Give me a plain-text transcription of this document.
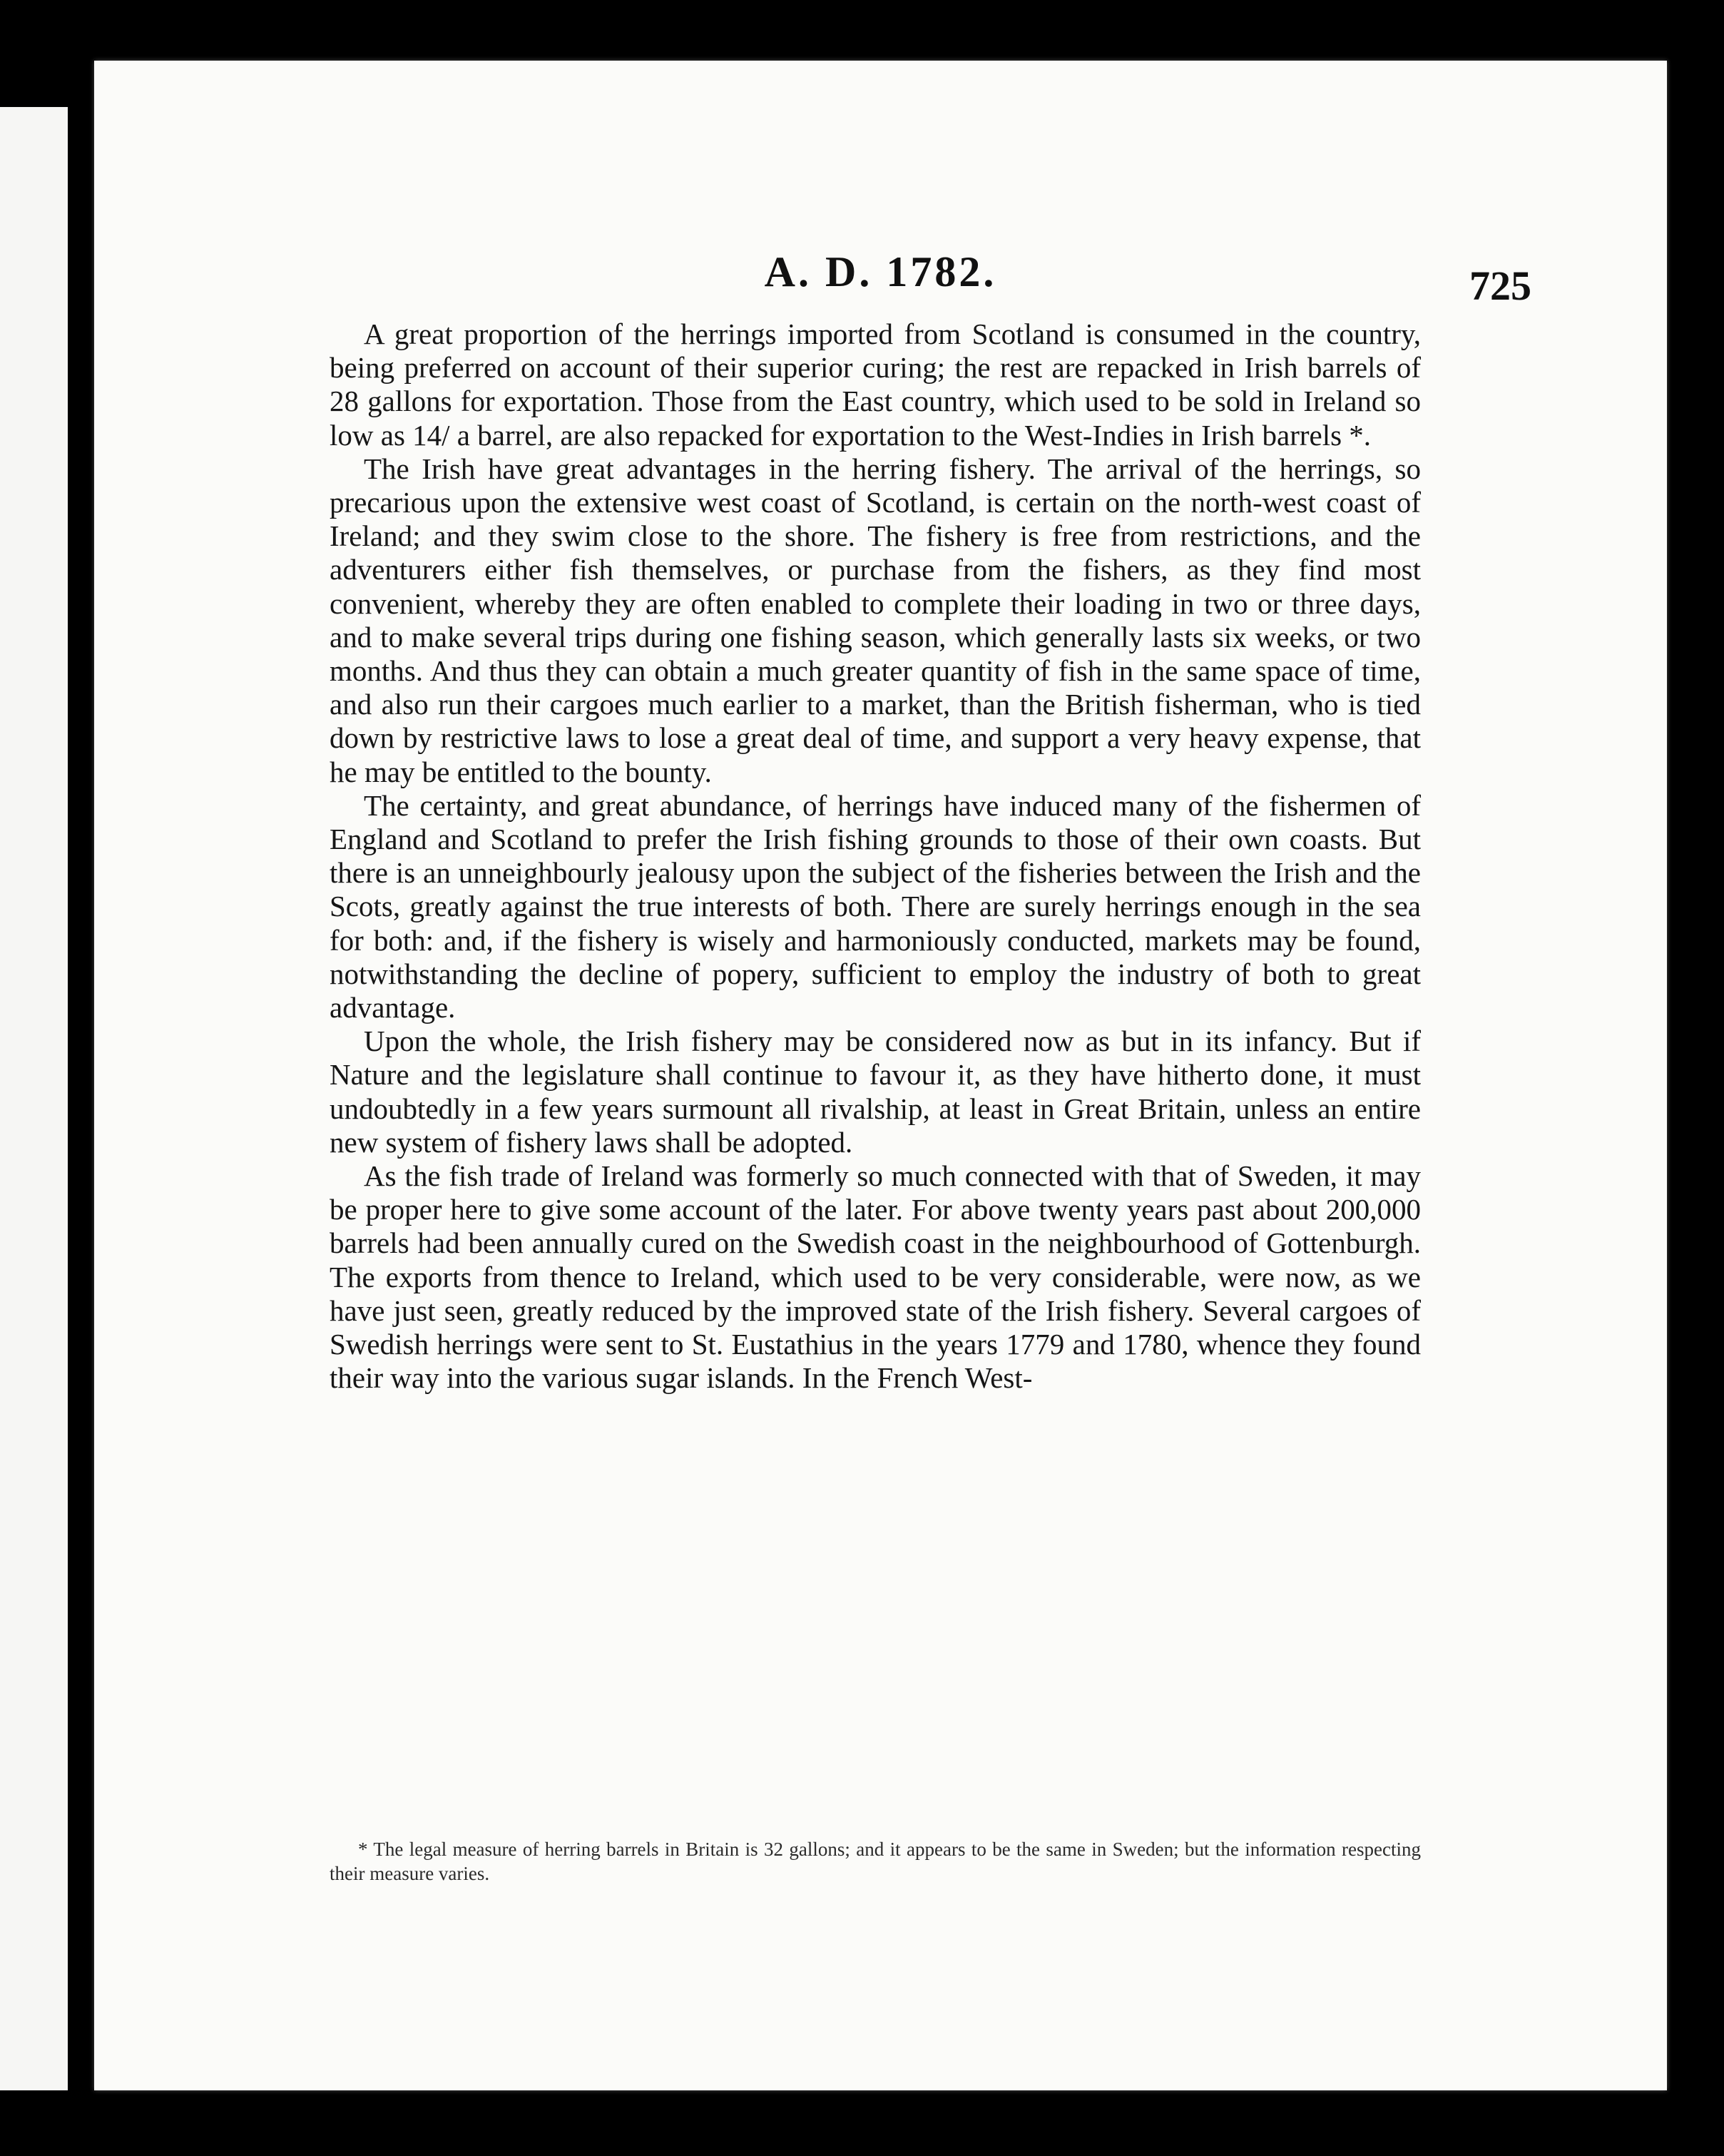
A. D. 1782.	725

A great proportion of the herrings imported from Scotland is consumed in the country, being preferred on account of their superior curing; the rest are repacked in Irish barrels of 28 gallons for exportation. Those from the East country, which used to be sold in Ireland so low as 14/ a barrel, are also repacked for exportation to the West-Indies in Irish barrels *.

The Irish have great advantages in the herring fishery. The arrival of the herrings, so precarious upon the extensive west coast of Scotland, is certain on the north-west coast of Ireland; and they swim close to the shore. The fishery is free from restrictions, and the adventurers either fish themselves, or purchase from the fishers, as they find most convenient, whereby they are often enabled to complete their loading in two or three days, and to make several trips during one fishing season, which generally lasts six weeks, or two months. And thus they can obtain a much greater quantity of fish in the same space of time, and also run their cargoes much earlier to a market, than the British fisherman, who is tied down by restrictive laws to lose a great deal of time, and support a very heavy expense, that he may be entitled to the bounty.

The certainty, and great abundance, of herrings have induced many of the fishermen of England and Scotland to prefer the Irish fishing grounds to those of their own coasts. But there is an unneighbourly jealousy upon the subject of the fisheries between the Irish and the Scots, greatly against the true interests of both. There are surely herrings enough in the sea for both: and, if the fishery is wisely and harmoniously conducted, markets may be found, notwithstanding the decline of popery, sufficient to employ the industry of both to great advantage.

Upon the whole, the Irish fishery may be considered now as but in its infancy. But if Nature and the legislature shall continue to favour it, as they have hitherto done, it must undoubtedly in a few years surmount all rivalship, at least in Great Britain, unless an entire new system of fishery laws shall be adopted.

As the fish trade of Ireland was formerly so much connected with that of Sweden, it may be proper here to give some account of the later. For above twenty years past about 200,000 barrels had been annually cured on the Swedish coast in the neighbourhood of Gottenburgh. The exports from thence to Ireland, which used to be very considerable, were now, as we have just seen, greatly reduced by the improved state of the Irish fishery. Several cargoes of Swedish herrings were sent to St. Eustathius in the years 1779 and 1780, whence they found their way into the various sugar islands. In the French West-

* The legal measure of herring barrels in Britain is 32 gallons; and it appears to be the same in Sweden; but the information respecting their measure varies.
